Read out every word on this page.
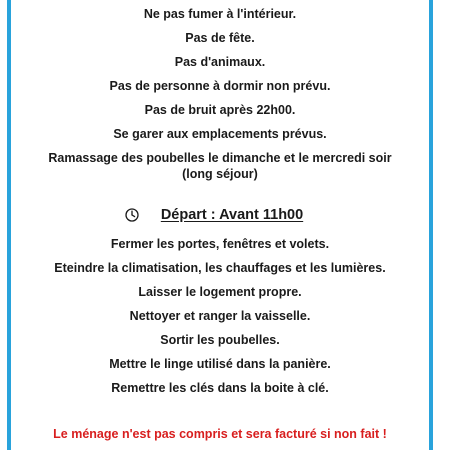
Ne pas fumer à l'intérieur.
Pas de fête.
Pas d'animaux.
Pas de personne à dormir non prévu.
Pas de bruit après 22h00.
Se garer aux emplacements prévus.
Ramassage des poubelles le dimanche et le mercredi soir
(long séjour)
Départ : Avant 11h00
Fermer les portes, fenêtres et volets.
Eteindre la climatisation, les chauffages et les lumières.
Laisser le logement propre.
Nettoyer et ranger la vaisselle.
Sortir les poubelles.
Mettre le linge utilisé dans la panière.
Remettre les clés dans la boite à clé.
Le ménage n'est pas compris et sera facturé si non fait !
